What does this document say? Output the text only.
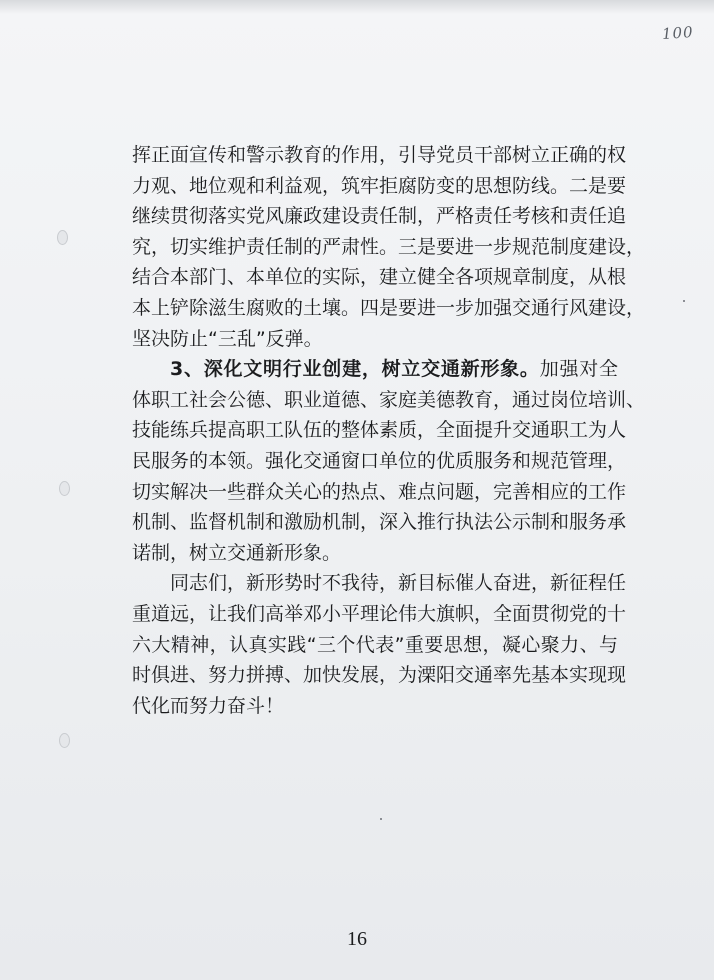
100
挥正面宣传和警示教育的作用，引导党员干部树立正确的权
力观、地位观和利益观，筑牢拒腐防变的思想防线。二是要
继续贯彻落实党风廉政建设责任制，严格责任考核和责任追
究，切实维护责任制的严肃性。三是要进一步规范制度建设，
结合本部门、本单位的实际，建立健全各项规章制度，从根
本上铲除滋生腐败的土壤。四是要进一步加强交通行风建设，
坚决防止“三乱”反弹。
3、深化文明行业创建，树立交通新形象。加强对全
体职工社会公德、职业道德、家庭美德教育，通过岗位培训、
技能练兵提高职工队伍的整体素质，全面提升交通职工为人
民服务的本领。强化交通窗口单位的优质服务和规范管理，
切实解决一些群众关心的热点、难点问题，完善相应的工作
机制、监督机制和激励机制，深入推行执法公示制和服务承
诺制，树立交通新形象。
同志们，新形势时不我待，新目标催人奋进，新征程任
重道远，让我们高举邓小平理论伟大旗帜，全面贯彻党的十
六大精神，认真实践“三个代表”重要思想，凝心聚力、与
时俱进、努力拼搏、加快发展，为溧阳交通率先基本实现现
代化而努力奋斗！
16
